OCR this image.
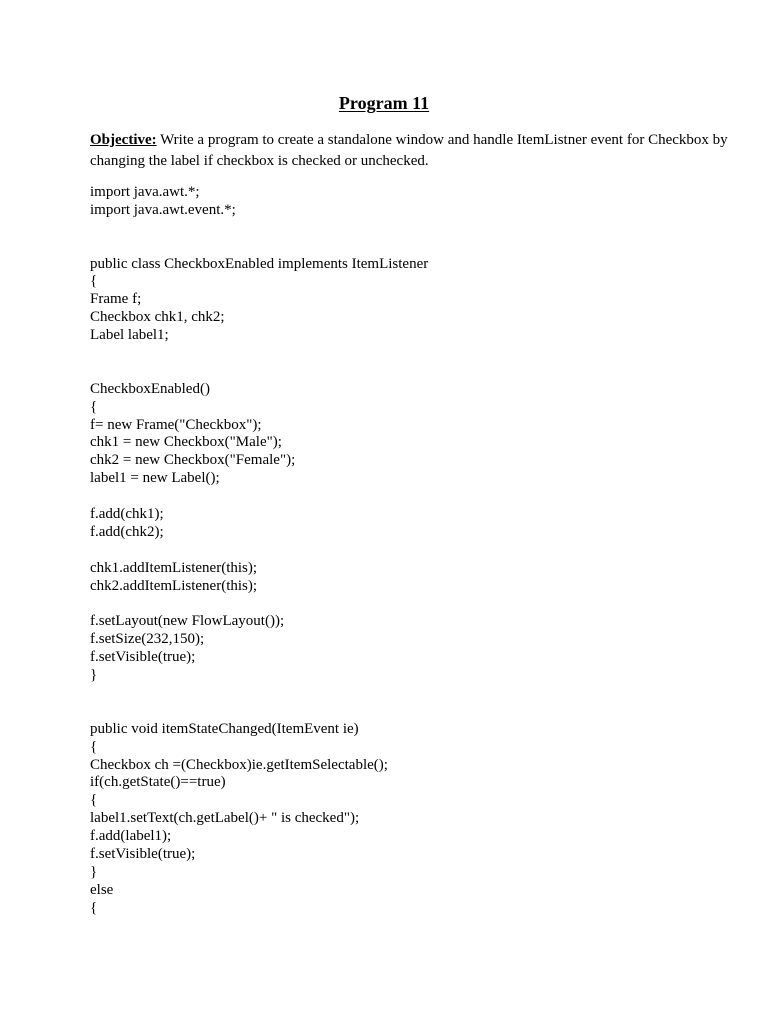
Program 11
Objective: Write a program to create a standalone window and handle ItemListner event for Checkbox by changing the label if checkbox is checked or unchecked.
import java.awt.*;
import java.awt.event.*;
public class CheckboxEnabled implements ItemListener
{
Frame f;
Checkbox chk1, chk2;
Label label1;
CheckboxEnabled()
{
f= new Frame("Checkbox");
chk1 = new Checkbox("Male");
chk2 = new Checkbox("Female");
label1 = new Label();
f.add(chk1);
f.add(chk2);
chk1.addItemListener(this);
chk2.addItemListener(this);
f.setLayout(new FlowLayout());
f.setSize(232,150);
f.setVisible(true);
}
public void itemStateChanged(ItemEvent ie)
{
Checkbox ch =(Checkbox)ie.getItemSelectable();
if(ch.getState()==true)
{
label1.setText(ch.getLabel()+ " is checked");
f.add(label1);
f.setVisible(true);
}
else
{
